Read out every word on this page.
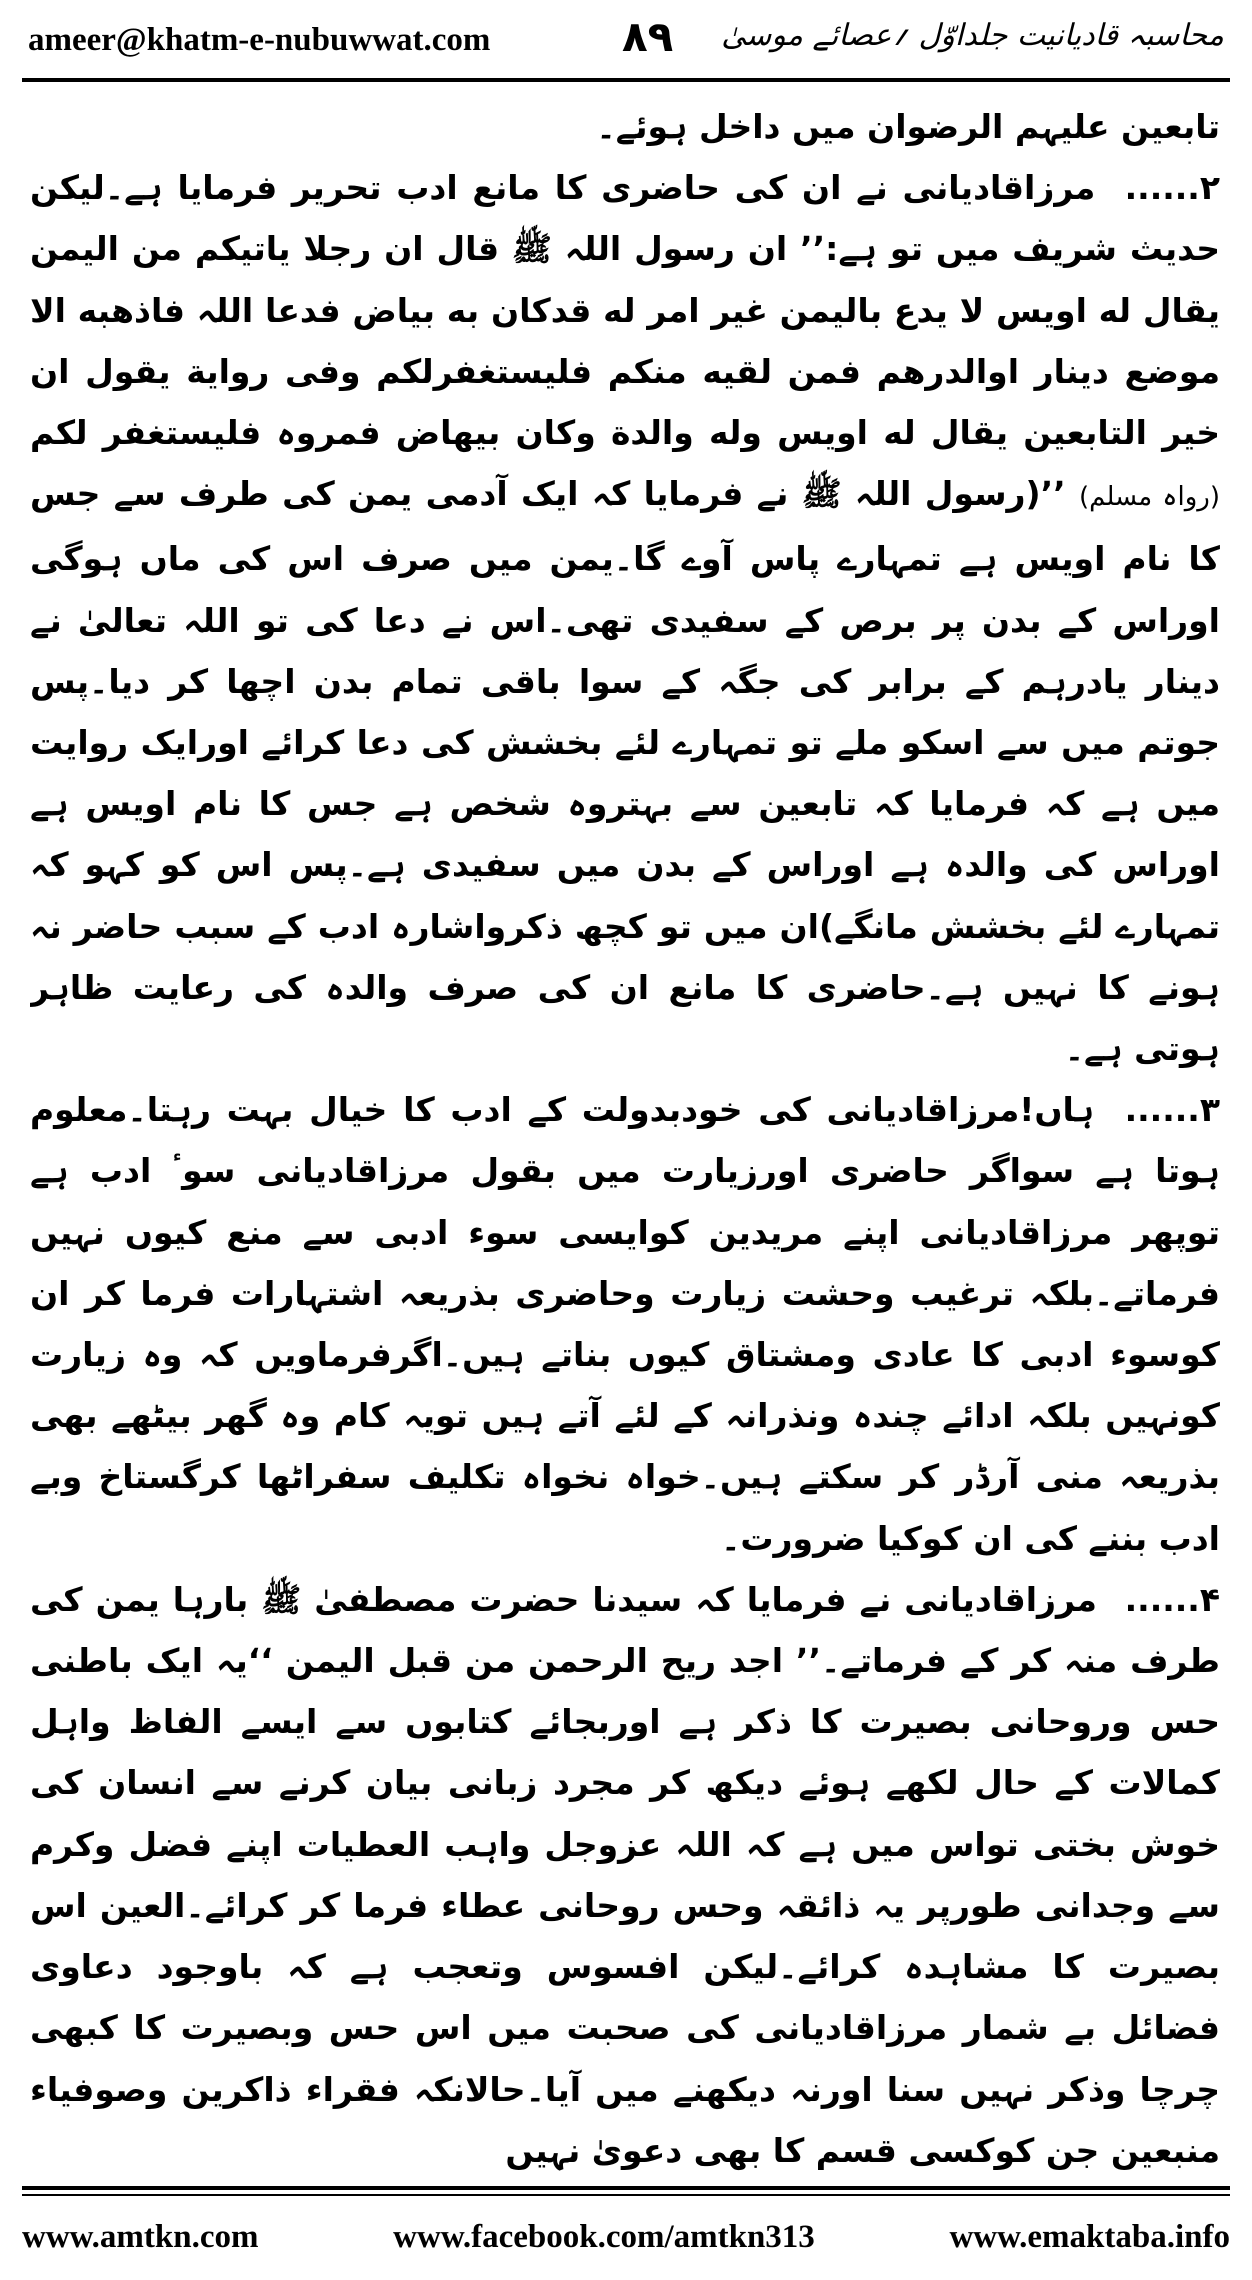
ameer@khatm-e-nubuwwat.com	۸۹ محاسبہ قادیانیت جلداوّل ؍عصائے موسیٰ

تابعین علیہم الرضوان میں داخل ہوئے۔

۲...... مرزاقادیانی نے ان کی حاضری کا مانع ادب تحریر فرمایا ہے۔لیکن حدیث شریف میں تو ہے:’’ ان رسول اللہ ﷺ قال ان رجلا یاتیکم من الیمن یقال له اویس لا یدع بالیمن غیر امر له قدکان به بیاض فدعا اللہ فاذهبه الا موضع دینار اوالدرهم فمن لقیه منکم فلیستغفرلکم وفی روایة یقول ان خیر التابعین یقال له اویس وله والدة وکان بیهاض فمروہ فلیستغفر لکم (رواہ مسلم) ’’(رسول اللہ ﷺ نے فرمایا کہ ایک آدمی یمن کی طرف سے جس کا نام اویس ہے تمہارے پاس آوے گا۔یمن میں صرف اس کی ماں ہوگی اوراس کے بدن پر برص کے سفیدی تھی۔اس نے دعا کی تو اللہ تعالیٰ نے دینار یادرہم کے برابر کی جگہ کے سوا باقی تمام بدن اچھا کر دیا۔پس جوتم میں سے اسکو ملے تو تمہارے لئے بخشش کی دعا کرائے اورایک روایت میں ہے کہ فرمایا کہ تابعین سے بہتروہ شخص ہے جس کا نام اویس ہے اوراس کی والدہ ہے اوراس کے بدن میں سفیدی ہے۔پس اس کو کہو کہ تمہارے لئے بخشش مانگے)ان میں تو کچھ ذکرواشارہ ادب کے سبب حاضر نہ ہونے کا نہیں ہے۔حاضری کا مانع ان کی صرف والدہ کی رعایت ظاہر ہوتی ہے۔

۳...... ہاں!مرزاقادیانی کی خودبدولت کے ادب کا خیال بہت رہتا۔معلوم ہوتا ہے سواگر حاضری اورزیارت میں بقول مرزاقادیانی سوٴ ادب ہے توپھر مرزاقادیانی اپنے مریدین کوایسی سوء ادبی سے منع کیوں نہیں فرماتے۔بلکہ ترغیب وحشت زیارت وحاضری بذریعہ اشتہارات فرما کر ان کوسوء ادبی کا عادی ومشتاق کیوں بناتے ہیں۔اگرفرماویں کہ وہ زیارت کونہیں بلکہ ادائے چندہ ونذرانہ کے لئے آتے ہیں تویہ کام وہ گھر بیٹھے بھی بذریعہ منی آرڈر کر سکتے ہیں۔خواہ نخواہ تکلیف سفراٹھا کرگستاخ وبے ادب بننے کی ان کوکیا ضرورت۔

۴...... مرزاقادیانی نے فرمایا کہ سیدنا حضرت مصطفیٰ ﷺ بارہا یمن کی طرف منہ کر کے فرماتے۔’’ اجد ریح الرحمن من قبل الیمن ‘‘یہ ایک باطنی حس وروحانی بصیرت کا ذکر ہے اوربجائے کتابوں سے ایسے الفاظ واہل کمالات کے حال لکھے ہوئے دیکھ کر مجرد زبانی بیان کرنے سے انسان کی خوش بختی تواس میں ہے کہ اللہ عزوجل واہب العطیات اپنے فضل وکرم سے وجدانی طورپر یہ ذائقہ وحس روحانی عطاء فرما کر کرائے۔العین اس بصیرت کا مشاہدہ کرائے۔لیکن افسوس وتعجب ہے کہ باوجود دعاوی فضائل بے شمار مرزاقادیانی کی صحبت میں اس حس وبصیرت کا کبھی چرچا وذکر نہیں سنا اورنہ دیکھنے میں آیا۔حالانکہ فقراء ذاکرین وصوفیاء منبعین جن کوکسی قسم کا بھی دعویٰ نہیں

www.amtkn.com	www.facebook.com/amtkn313	www.emaktaba.info
